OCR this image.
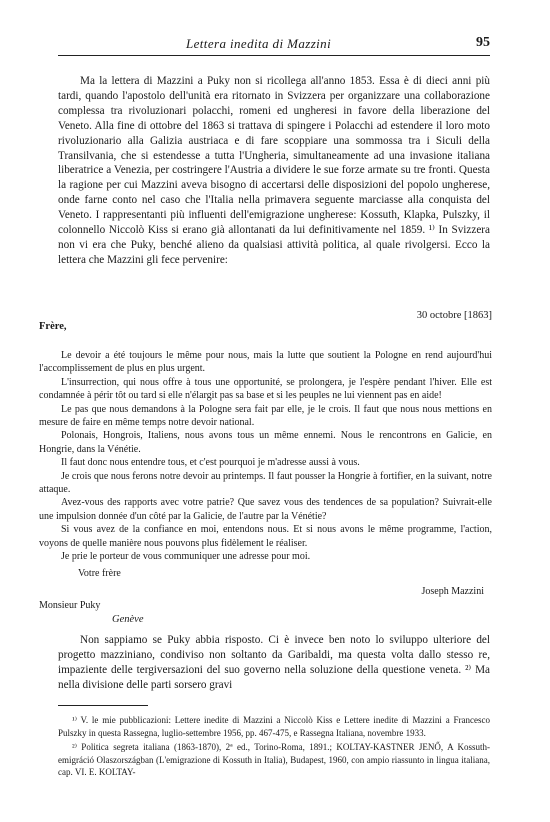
Lettera inedita di Mazzini	95

Ma la lettera di Mazzini a Puky non si ricollega all'anno 1853. Essa è di dieci anni più tardi, quando l'apostolo dell'unità era ritornato in Svizzera per organizzare una collaborazione complessa tra rivoluzionari polacchi, romeni ed ungheresi in favore della liberazione del Veneto. Alla fine di ottobre del 1863 si trattava di spingere i Polacchi ad estendere il loro moto rivoluzionario alla Galizia austriaca e di fare scoppiare una sommossa tra i Siculi della Transilvania, che si estendesse a tutta l'Ungheria, simultaneamente ad una invasione italiana liberatrice a Venezia, per costringere l'Austria a dividere le sue forze armate su tre fronti. Questa la ragione per cui Mazzini aveva bisogno di accertarsi delle disposizioni del popolo ungherese, onde farne conto nel caso che l'Italia nella primavera seguente marciasse alla conquista del Veneto. I rappresentanti più influenti dell'emigrazione ungherese: Kossuth, Klapka, Pulszky, il colonnello Niccolò Kiss si erano già allontanati da lui definitivamente nel 1859. ¹⁾ In Svizzera non vi era che Puky, benché alieno da qualsiasi attività politica, al quale rivolgersi. Ecco la lettera che Mazzini gli fece pervenire:

30 octobre [1863]
Frère,

Le devoir a été toujours le même pour nous, mais la lutte que soutient la Pologne en rend aujourd'hui l'accomplissement de plus en plus urgent.

L'insurrection, qui nous offre à tous une opportunité, se prolongera, je l'espère pendant l'hiver. Elle est condamnée à périr tôt ou tard si elle n'élargit pas sa base et si les peuples ne lui viennent pas en aide!

Le pas que nous demandons à la Pologne sera fait par elle, je le crois. Il faut que nous nous mettions en mesure de faire en même temps notre devoir national.

Polonais, Hongrois, Italiens, nous avons tous un même ennemi. Nous le rencontrons en Galicie, en Hongrie, dans la Vénétie.

Il faut donc nous entendre tous, et c'est pourquoi je m'adresse aussi à vous.

Je crois que nous ferons notre devoir au printemps. Il faut pousser la Hongrie à fortifier, en la suivant, notre attaque.

Avez-vous des rapports avec votre patrie? Que savez vous des tendences de sa population? Suivrait-elle une impulsion donnée d'un côté par la Galicie, de l'autre par la Vénétie?

Si vous avez de la confiance en moi, entendons nous. Et si nous avons le même programme, l'action, voyons de quelle manière nous pouvons plus fidèlement le réaliser.

Je prie le porteur de vous communiquer une adresse pour moi.

Votre frère
Joseph Mazzini
Monsieur Puky
Genève

Non sappiamo se Puky abbia risposto. Ci è invece ben noto lo sviluppo ulteriore del progetto mazziniano, condiviso non soltanto da Garibaldi, ma questa volta dallo stesso re, impaziente delle tergiversazioni del suo governo nella soluzione della questione veneta. ²⁾ Ma nella divisione delle parti sorsero gravi

¹⁾ V. le mie pubblicazioni: Lettere inedite di Mazzini a Niccolò Kiss e Lettere inedite di Mazzini a Francesco Pulszky in questa Rassegna, luglio-settembre 1956, pp. 467-475, e Rassegna Italiana, novembre 1933.

²⁾ Politica segreta italiana (1863-1870), 2ª ed., Torino-Roma, 1891.; KOLTAY-KASTNER JENŐ, A Kossuth-emigráció Olaszországban (L'emigrazione di Kossuth in Italia), Budapest, 1960, con ampio riassunto in lingua italiana, cap. VI. E. KOLTAY-
